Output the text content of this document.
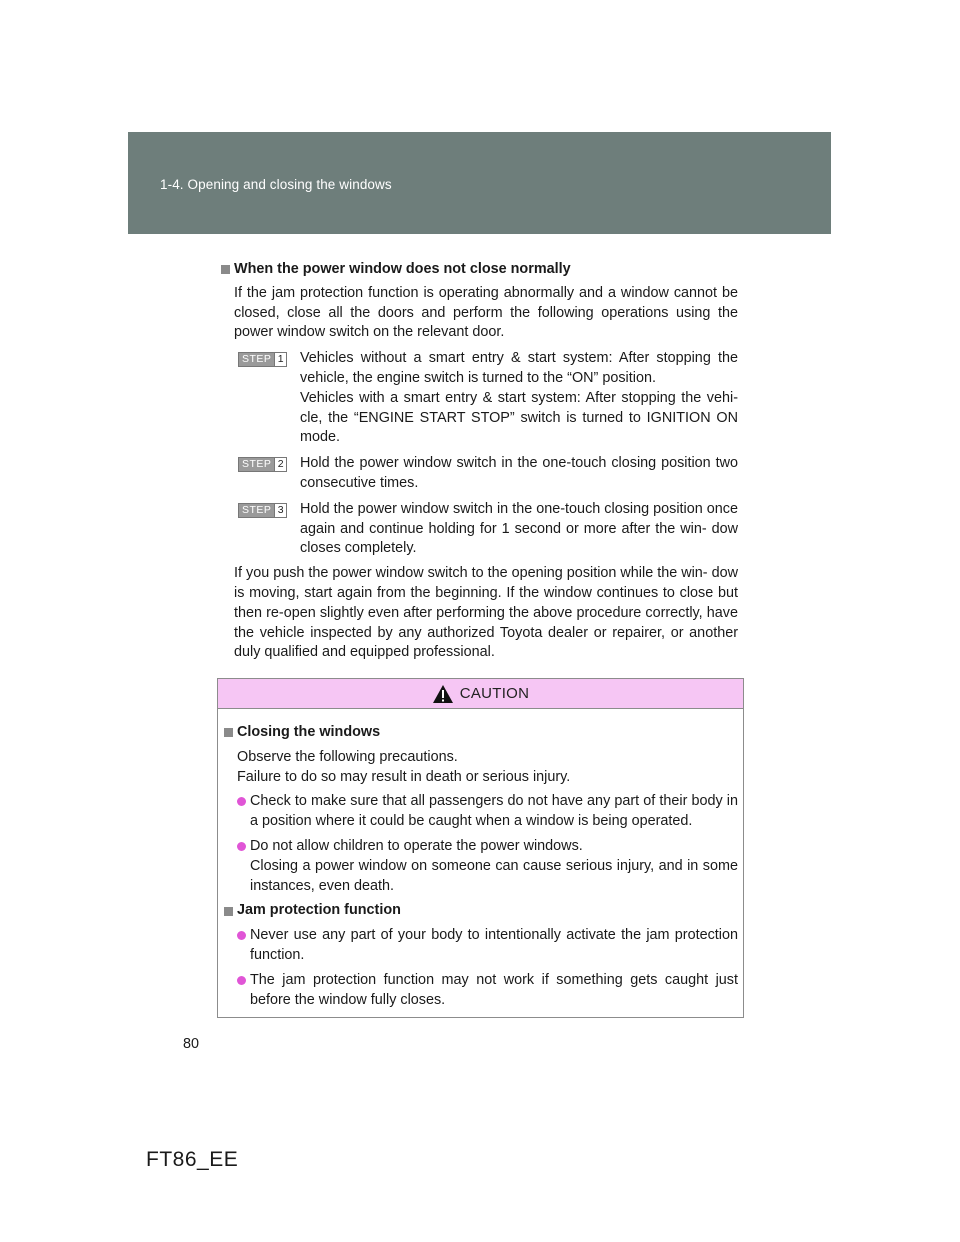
1-4. Opening and closing the windows
When the power window does not close normally
If the jam protection function is operating abnormally and a window cannot be closed, close all the doors and perform the following operations using the power window switch on the relevant door.
STEP 1 Vehicles without a smart entry & start system: After stopping the vehicle, the engine switch is turned to the “ON” position.

Vehicles with a smart entry & start system: After stopping the vehi- cle, the “ENGINE START STOP” switch is turned to IGNITION ON mode.

STEP 2 Hold the power window switch in the one-touch closing position two consecutive times.

STEP 3 Hold the power window switch in the one-touch closing position once again and continue holding for 1 second or more after the win- dow closes completely.

If you push the power window switch to the opening position while the win- dow is moving, start again from the beginning. If the window continues to close but then re-open slightly even after performing the above procedure correctly, have the vehicle inspected by any authorized Toyota dealer or repairer, or another duly qualified and equipped professional.
CAUTION
Closing the windows

Observe the following precautions.

Failure to do so may result in death or serious injury.

Check to make sure that all passengers do not have any part of their body in a position where it could be caught when a window is being operated.

Do not allow children to operate the power windows.

Closing a power window on someone can cause serious injury, and in some instances, even death.

Jam protection function

Never use any part of your body to intentionally activate the jam protection function.

The jam protection function may not work if something gets caught just before the window fully closes.

80
FT86_EE
